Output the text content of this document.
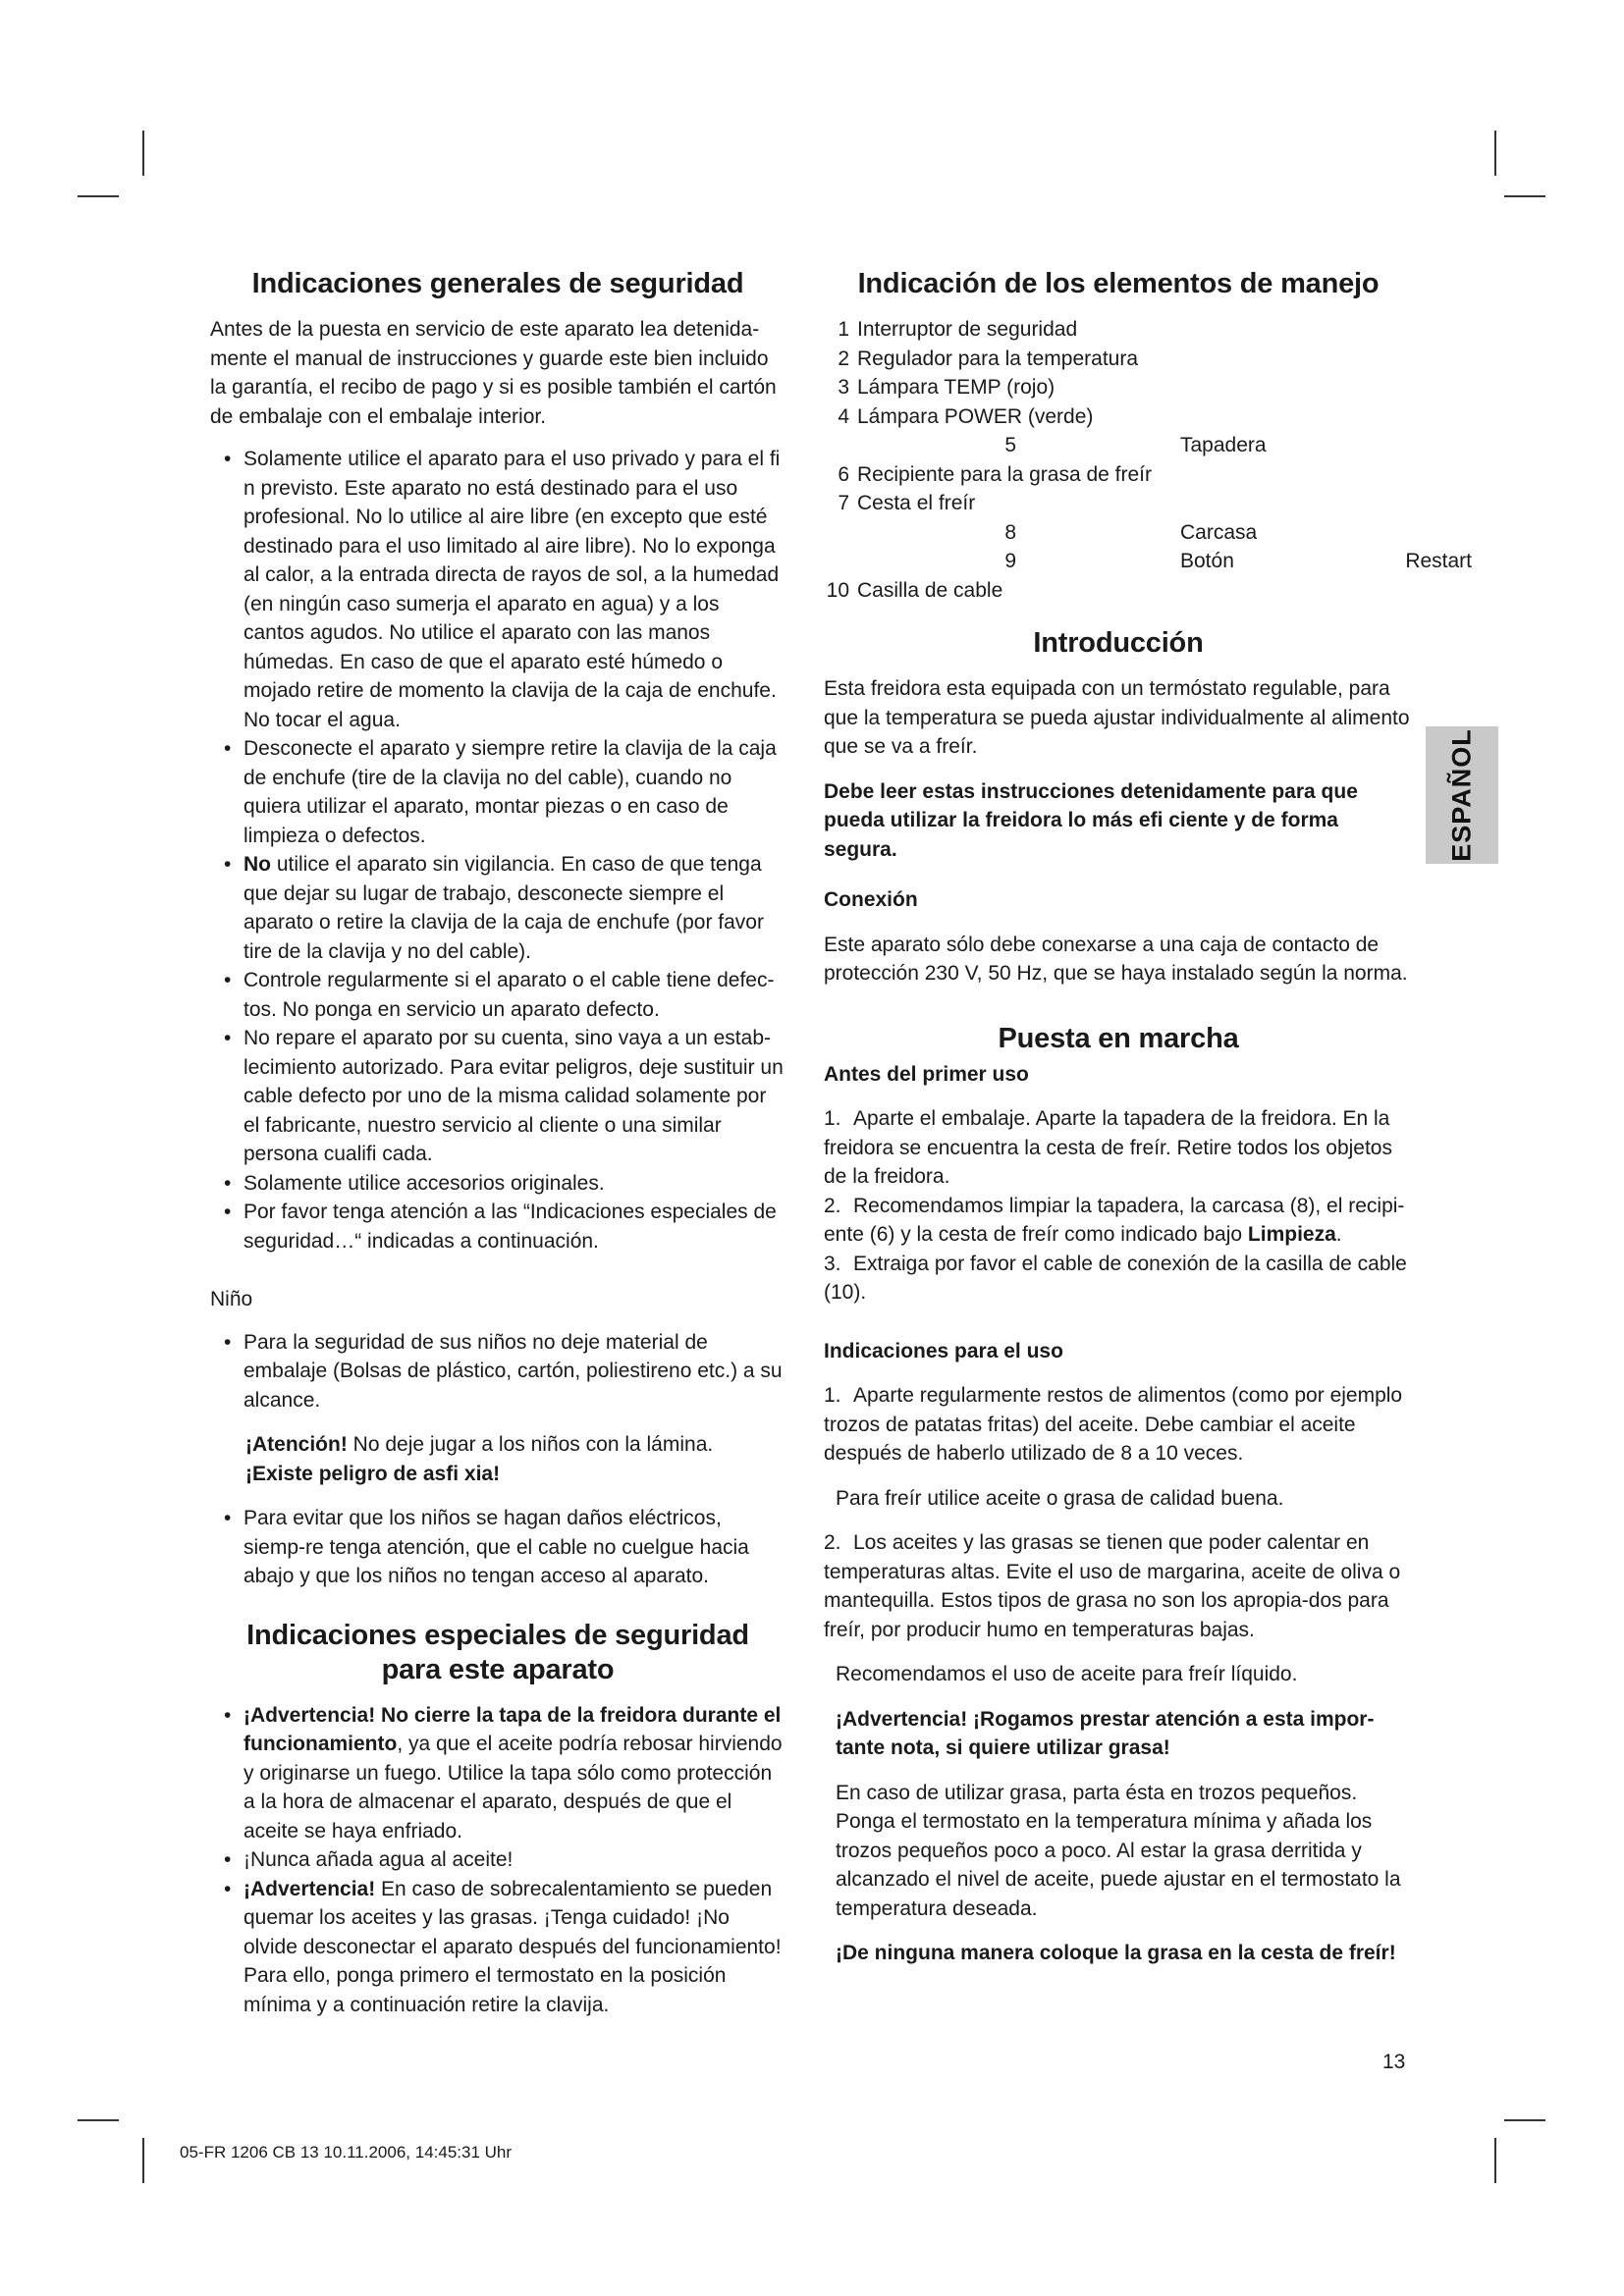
Indicaciones generales de seguridad

Antes de la puesta en servicio de este aparato lea detenida-mente el manual de instrucciones y guarde este bien incluido la garantía, el recibo de pago y si es posible también el cartón de embalaje con el embalaje interior.

• Solamente utilice el aparato para el uso privado y para el fi n previsto. Este aparato no está destinado para el uso profesional. No lo utilice al aire libre (en excepto que esté destinado para el uso limitado al aire libre). No lo exponga al calor, a la entrada directa de rayos de sol, a la humedad (en ningún caso sumerja el aparato en agua) y a los cantos agudos. No utilice el aparato con las manos húmedas. En caso de que el aparato esté húmedo o mojado retire de momento la clavija de la caja de enchufe. No tocar el agua.
• Desconecte el aparato y siempre retire la clavija de la caja de enchufe (tire de la clavija no del cable), cuando no quiera utilizar el aparato, montar piezas o en caso de limpieza o defectos.
• No utilice el aparato sin vigilancia. En caso de que tenga que dejar su lugar de trabajo, desconecte siempre el aparato o retire la clavija de la caja de enchufe (por favor tire de la clavija y no del cable).
• Controle regularmente si el aparato o el cable tiene defec-tos. No ponga en servicio un aparato defecto.
• No repare el aparato por su cuenta, sino vaya a un estab-lecimiento autorizado. Para evitar peligros, deje sustituir un cable defecto por uno de la misma calidad solamente por el fabricante, nuestro servicio al cliente o una similar persona cualifi cada.
• Solamente utilice accesorios originales.
• Por favor tenga atención a las “Indicaciones especiales de seguridad…“ indicadas a continuación.
Niño
• Para la seguridad de sus niños no deje material de embalaje (Bolsas de plástico, cartón, poliestireno etc.) a su alcance.

¡Atención! No deje jugar a los niños con la lámina. ¡Existe peligro de asfi xia!

• Para evitar que los niños se hagan daños eléctricos, siemp-re tenga atención, que el cable no cuelgue hacia abajo y que los niños no tengan acceso al aparato.
Indicaciones especiales de seguridad
para este aparato
• ¡Advertencia! No cierre la tapa de la freidora durante el funcionamiento, ya que el aceite podría rebosar hirviendo y originarse un fuego. Utilice la tapa sólo como protección a la hora de almacenar el aparato, después de que el aceite se haya enfriado.
• ¡Nunca añada agua al aceite!
• ¡Advertencia! En caso de sobrecalentamiento se pueden quemar los aceites y las grasas. ¡Tenga cuidado! ¡No olvide desconectar el aparato después del funcionamiento! Para ello, ponga primero el termostato en la posición mínima y a continuación retire la clavija.
Indicación de los elementos de manejo
1 Interruptor de seguridad
2 Regulador para la temperatura
3 Lámpara TEMP (rojo)
4 Lámpara POWER (verde)
5	Tapadera
6 Recipiente para la grasa de freír
7 Cesta el freír
8	Carcasa
9	Botón	Restart
10 Casilla de cable
Introducción

Esta freidora esta equipada con un termóstato regulable, para que la temperatura se pueda ajustar individualmente al alimento que se va a freír.

Debe leer estas instrucciones detenidamente para que pueda utilizar la freidora lo más efi ciente y de forma segura.

Conexión

Este aparato sólo debe conexarse a una caja de contacto de protección 230 V, 50 Hz, que se haya instalado según la norma.

Puesta en marcha
Antes del primer uso
1. Aparte el embalaje. Aparte la tapadera de la freidora. En la freidora se encuentra la cesta de freír. Retire todos los objetos de la freidora.
2. Recomendamos limpiar la tapadera, la carcasa (8), el recipi-ente (6) y la cesta de freír como indicado bajo Limpieza.
3. Extraiga por favor el cable de conexión de la casilla de cable (10).
Indicaciones para el uso
1. Aparte regularmente restos de alimentos (como por ejemplo trozos de patatas fritas) del aceite. Debe cambiar el aceite después de haberlo utilizado de 8 a 10 veces.

Para freír utilice aceite o grasa de calidad buena.

2. Los aceites y las grasas se tienen que poder calentar en temperaturas altas. Evite el uso de margarina, aceite de oliva o mantequilla. Estos tipos de grasa no son los apropia-dos para freír, por producir humo en temperaturas bajas.

Recomendamos el uso de aceite para freír líquido.

¡Advertencia! ¡Rogamos prestar atención a esta impor-tante nota, si quiere utilizar grasa!

En caso de utilizar grasa, parta ésta en trozos pequeños. Ponga el termostato en la temperatura mínima y añada los trozos pequeños poco a poco. Al estar la grasa derritida y alcanzado el nivel de aceite, puede ajustar en el termostato la temperatura deseada.

¡De ninguna manera coloque la grasa en la cesta de freír!

ESPAÑOL
13
05-FR 1206 CB 13 10.11.2006, 14:45:31 Uhr
